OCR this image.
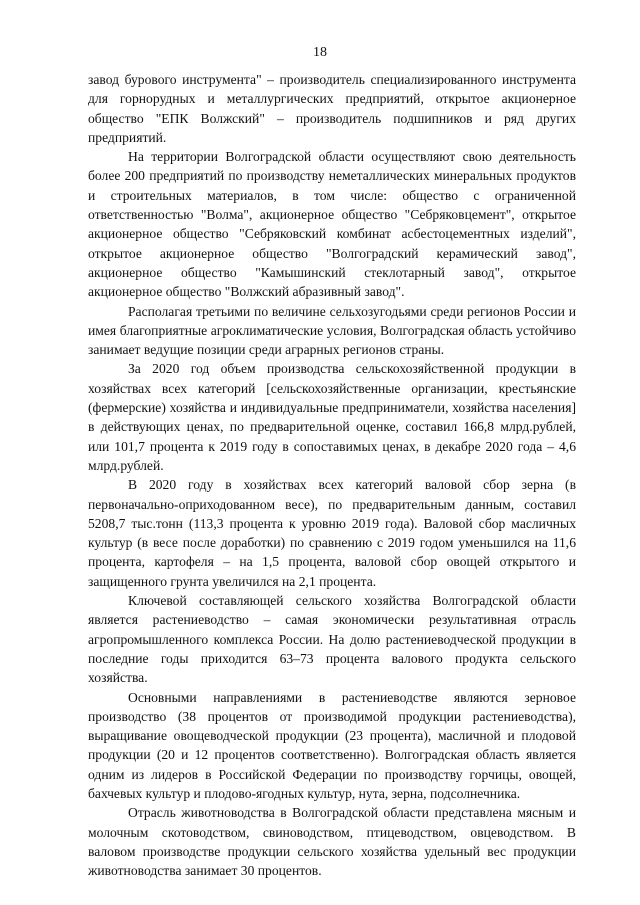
18

завод бурового инструмента" – производитель специализированного инструмента для горнорудных и металлургических предприятий, открытое акционерное общество "ЕПК Волжский" – производитель подшипников и ряд других предприятий.

На территории Волгоградской области осуществляют свою деятельность более 200 предприятий по производству неметаллических минеральных продуктов и строительных материалов, в том числе: общество с ограниченной ответственностью "Волма", акционерное общество "Себряковцемент", открытое акционерное общество "Себряковский комбинат асбестоцементных изделий", открытое акционерное общество "Волгоградский керамический завод", акционерное общество "Камышинский стеклотарный завод", открытое акционерное общество "Волжский абразивный завод".

Располагая третьими по величине сельхозугодьями среди регионов России и имея благоприятные агроклиматические условия, Волгоградская область устойчиво занимает ведущие позиции среди аграрных регионов страны.

За 2020 год объем производства сельскохозяйственной продукции в хозяйствах всех категорий [сельскохозяйственные организации, крестьянские (фермерские) хозяйства и индивидуальные предприниматели, хозяйства населения] в действующих ценах, по предварительной оценке, составил 166,8 млрд.рублей, или 101,7 процента к 2019 году в сопоставимых ценах, в декабре 2020 года – 4,6 млрд.рублей.

В 2020 году в хозяйствах всех категорий валовой сбор зерна (в первоначально-оприходованном весе), по предварительным данным, составил 5208,7 тыс.тонн (113,3 процента к уровню 2019 года). Валовой сбор масличных культур (в весе после доработки) по сравнению с 2019 годом уменьшился на 11,6 процента, картофеля – на 1,5 процента, валовой сбор овощей открытого и защищенного грунта увеличился на 2,1 процента.

Ключевой составляющей сельского хозяйства Волгоградской области является растениеводство – самая экономически результативная отрасль агропромышленного комплекса России. На долю растениеводческой продукции в последние годы приходится 63–73 процента валового продукта сельского хозяйства.

Основными направлениями в растениеводстве являются зерновое производство (38 процентов от производимой продукции растениеводства), выращивание овощеводческой продукции (23 процента), масличной и плодовой продукции (20 и 12 процентов соответственно). Волгоградская область является одним из лидеров в Российской Федерации по производству горчицы, овощей, бахчевых культур и плодово-ягодных культур, нута, зерна, подсолнечника.

Отрасль животноводства в Волгоградской области представлена мясным и молочным скотоводством, свиноводством, птицеводством, овцеводством. В валовом производстве продукции сельского хозяйства удельный вес продукции животноводства занимает 30 процентов.
